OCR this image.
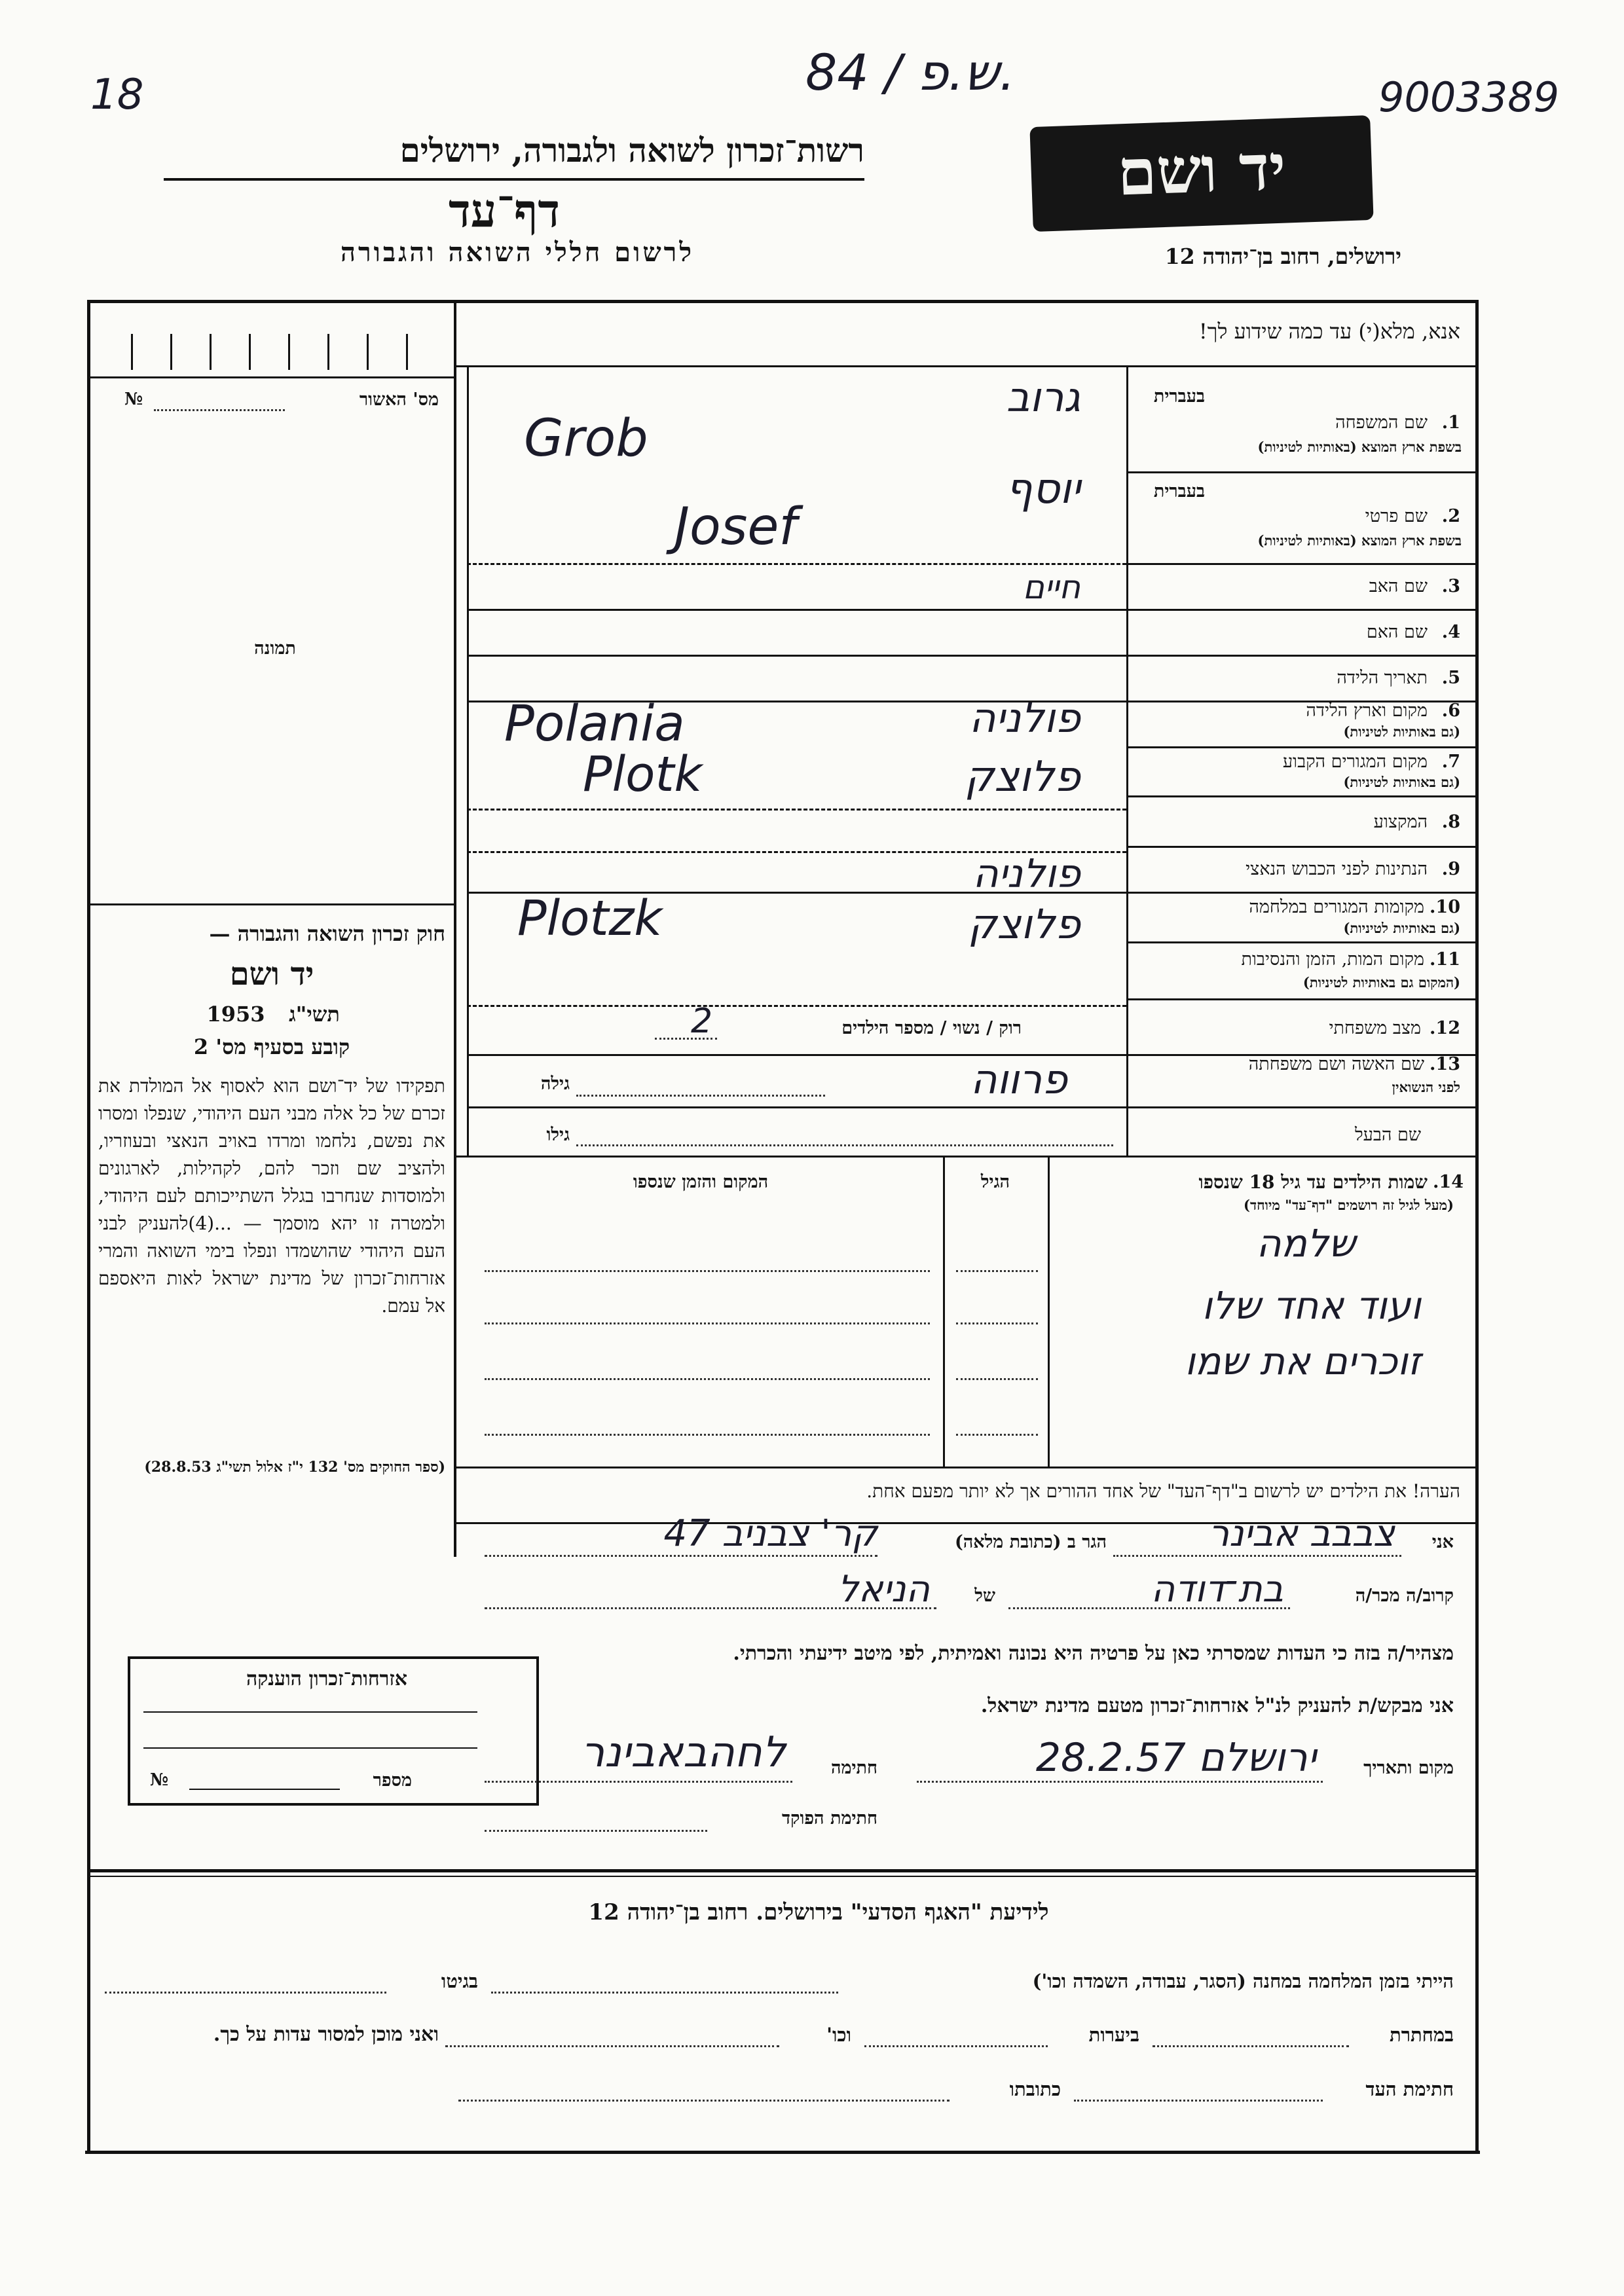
18	84 / ש.פ.	9003389
רשות־זכרון לשואה ולגבורה, ירושלים
דף־עד
לרשום חללי השואה והגבורה
יד ושם
ירושלים, רחוב בן־יהודה 12
מס' האשור
№
תמונה
אנא, מלא(י) עד כמה שידוע לך!
בעברית
1.
שם המשפחה
בשפת ארץ המוצא (באותיות לטיניות)
גרוב
Grob
בעברית
2.
שם פרטי
בשפת ארץ המוצא (באותיות לטיניות)
יוסף
Josef
3.
שם האב
חיים
4.
שם האם
5.
תאריך הלידה
6.
מקום וארץ הלידה
(גם באותיות לטיניות)
פולניה
Polania
7.
מקום המגורים הקבוע
(גם באותיות לטיניות)
פלוצק
Plotk
8.
המקצוע
9.
הנתינות לפני הכבוש הנאצי
פולניה
10.
מקומות המגורים במלחמה
(גם באותיות לטיניות)
פלוצק
Plotzk
11.
מקום המות, הזמן והנסיבות
(המקום גם באותיות לטיניות)
12.
מצב משפחתי
רוק / נשוי / מספר הילדים
2
13.
שם האשה ושם משפחתה
לפני הנשואין
פרווה
גילה
שם הבעל
גילו
14.
שמות הילדים עד גיל 18 שנספו
(מעל לגיל זה רושמים "דף־עד" מיוחד)
הגיל
המקום והזמן שנספו
שלמה
ועוד אחד שלו
זוכרים את שמו
הערה! את הילדים יש לרשום ב"דף־העד" של אחד ההורים אך לא יותר מפעם אחת.
חוק זכרון השואה והגבורה —
יד ושם
תשי"ג
1953
קובע בסעיף מס' 2
תפקידו של יד־ושם הוא לאסוף אל המולדת את זכרם של כל אלה מבני העם היהודי, שנפלו ומסרו את נפשם, נלחמו ומרדו באויב הנאצי ובעוזריו, ולהציב שם וזכר להם, לקהילות, לארגונים ולמוסדות שנחרבו בגלל השתייכותם לעם היהודי, ולמטרה זו יהא מוסמך — ...(4)להעניק לבני העם היהודי שהושמדו ונפלו בימי השואה והמרי אזרחות־זכרון של מדינת ישראל לאות היאספם אל עמם.
(ספר החוקים מס' 132 י"ז אלול תשי"ג 28.8.53)
אזרחות־זכרון הוענקה
מספר
№
אני
צבבב אבינר
הגר ב (כתובת מלאה)
קר' צבניב 47
קרוב/ה מכר/ה
בת־דודה
של
הניאל
מצהיר/ה בזה כי העדות שמסרתי כאן על פרטיה היא נכונה ואמיתית, לפי מיטב ידיעתי והכרתי.
אני מבקש/ת להעניק לנ"ל אזרחות־זכרון מטעם מדינת ישראל.
מקום ותאריך
ירושלם 28.2.57
חתימה
לחהבאבינר
חתימת הפוקד
לידיעת "האגף הסדעי" בירושלים. רחוב בן־יהודה 12
הייתי בזמן המלחמה במחנה (הסגר, עבודה, השמדה וכו')
בגיטו
במחתרת
ביערות
וכו'
ואני מוכן למסור עדות על כך.
חתימת העד
כתובתו
